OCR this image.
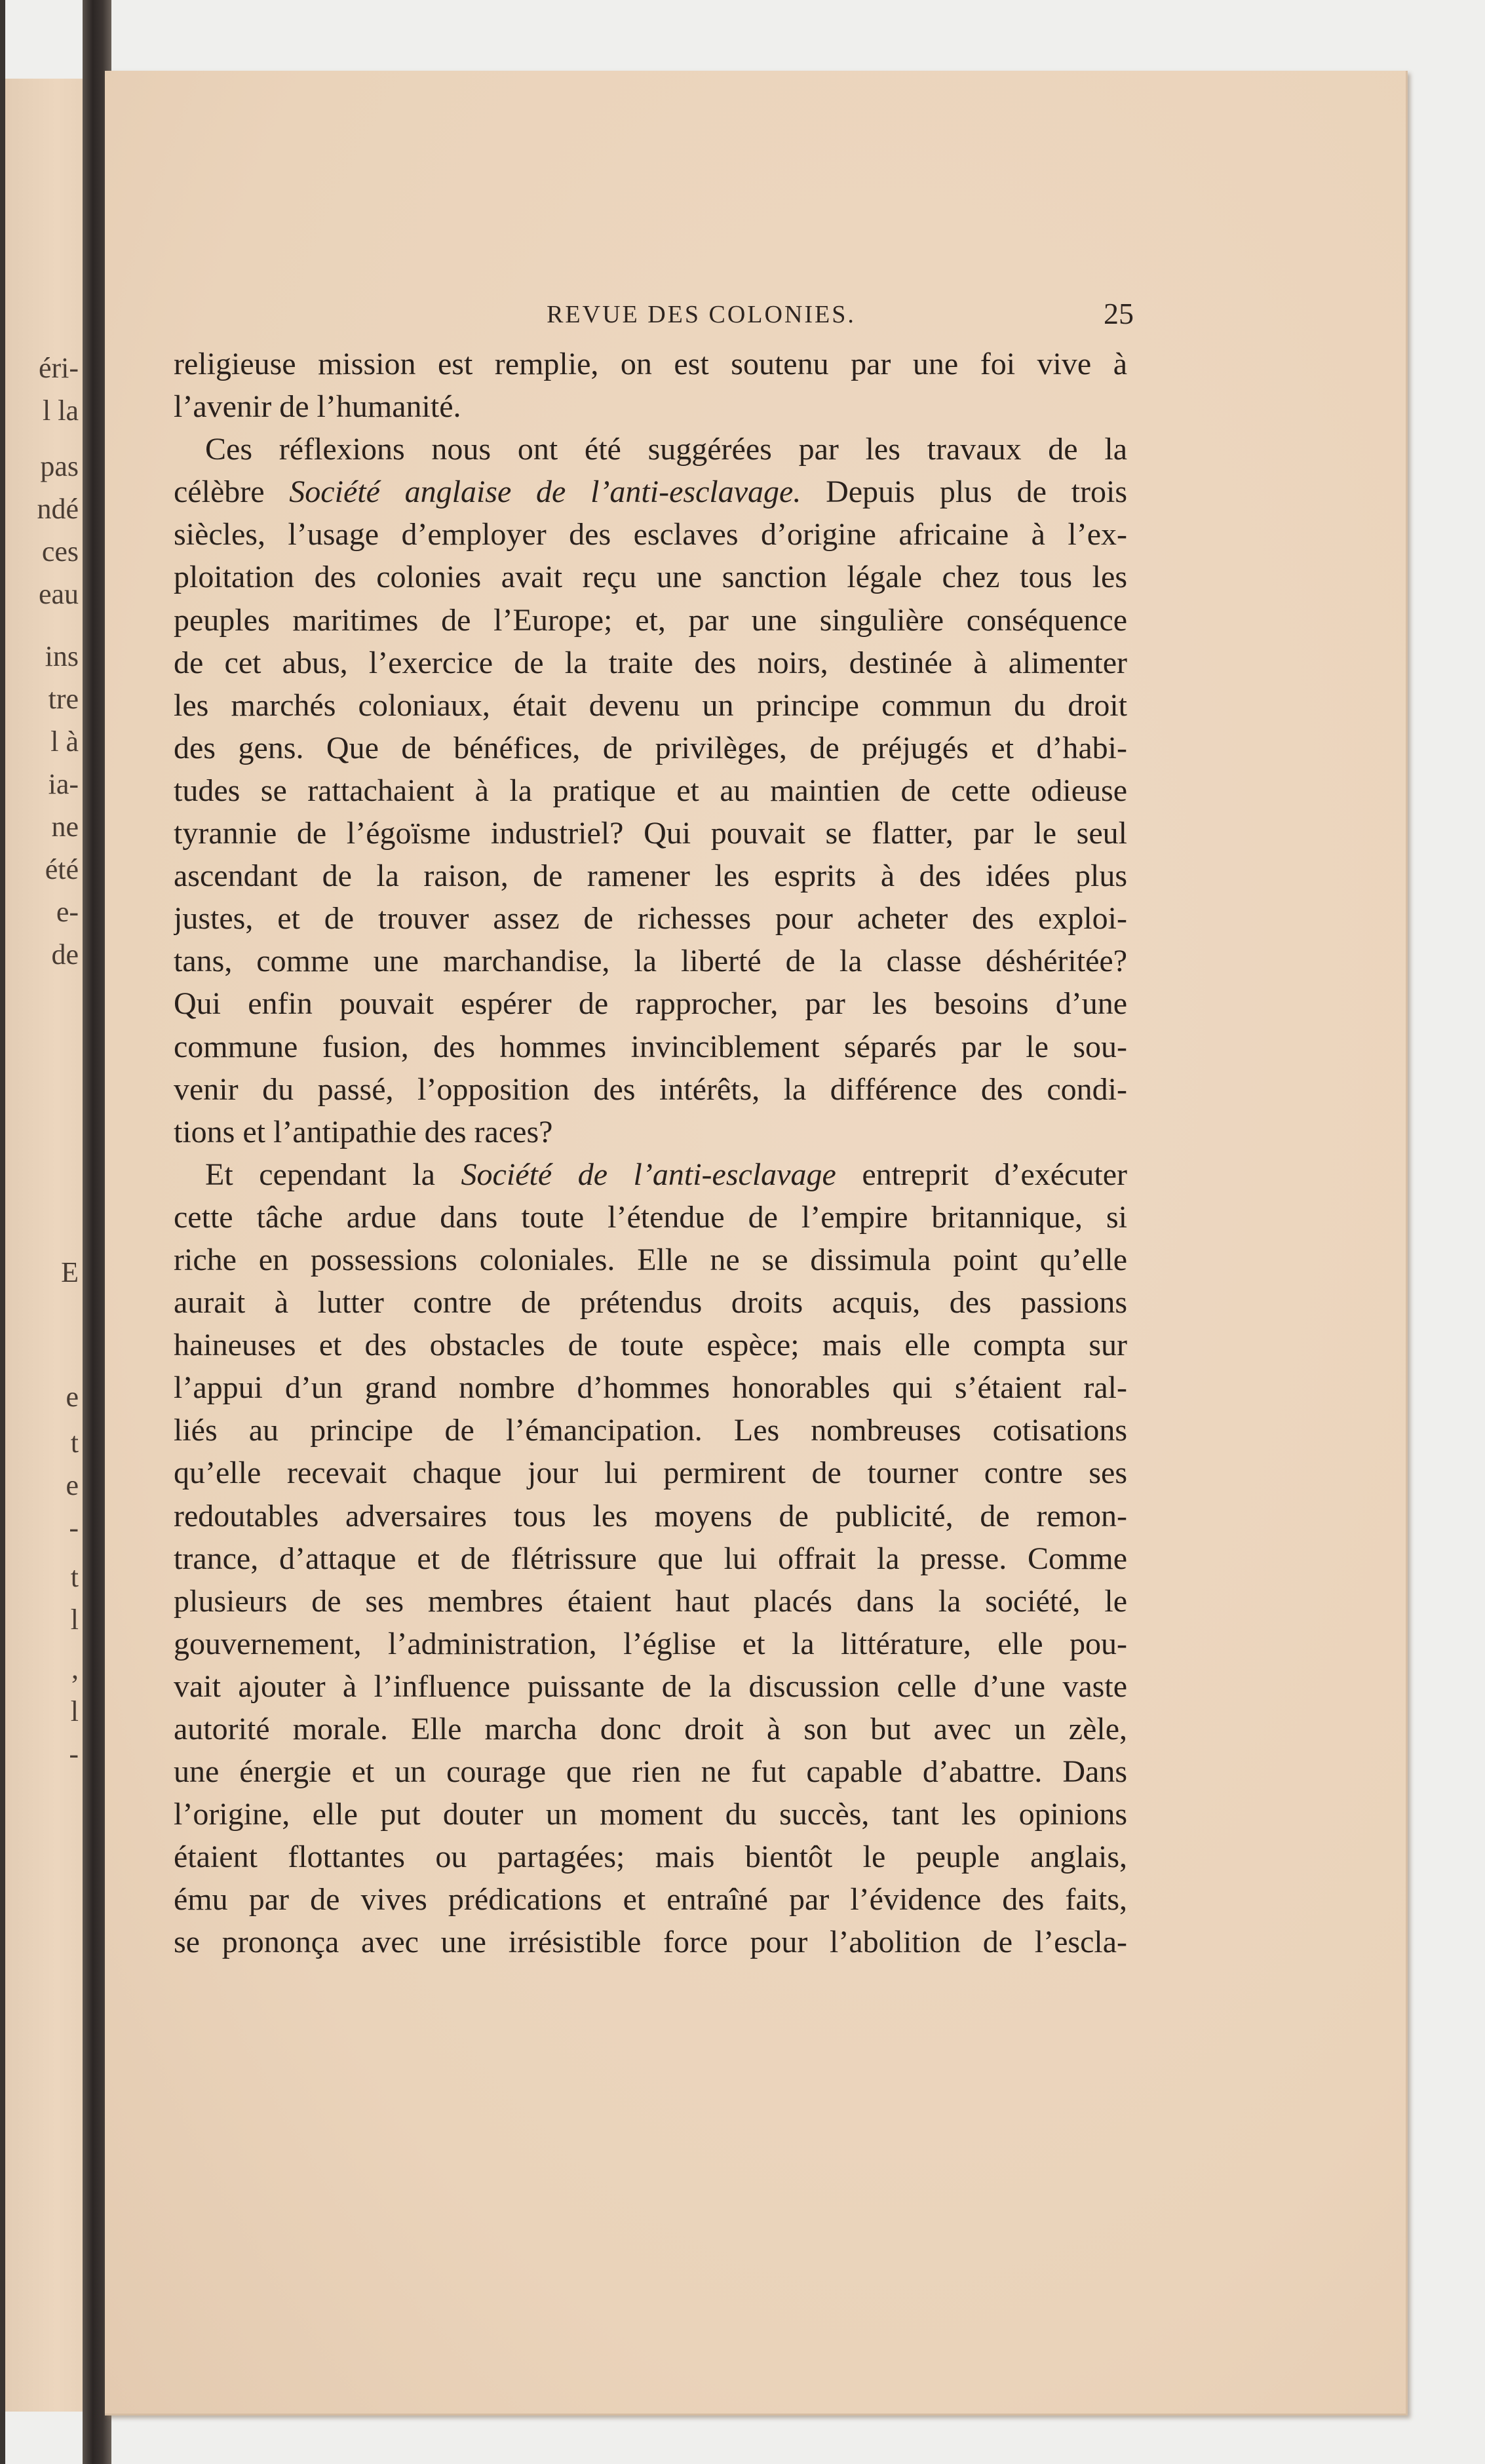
éri-
l la
pas
ndé
ces
eau
ins
tre
l à
ia-
ne
été
e-
de
E
e
t
e
-
t
l
,
l
-
REVUE DES COLONIES.	25
religieuse mission est remplie, on est soutenu par une foi vive à
l’avenir de l’humanité.
Ces réflexions nous ont été suggérées par les travaux de la
célèbre Société anglaise de l’anti-esclavage. Depuis plus de trois
siècles, l’usage d’employer des esclaves d’origine africaine à l’ex-
ploitation des colonies avait reçu une sanction légale chez tous les
peuples maritimes de l’Europe; et, par une singulière conséquence
de cet abus, l’exercice de la traite des noirs, destinée à alimenter
les marchés coloniaux, était devenu un principe commun du droit
des gens. Que de bénéfices, de privilèges, de préjugés et d’habi-
tudes se rattachaient à la pratique et au maintien de cette odieuse
tyrannie de l’égoïsme industriel? Qui pouvait se flatter, par le seul
ascendant de la raison, de ramener les esprits à des idées plus
justes, et de trouver assez de richesses pour acheter des exploi-
tans, comme une marchandise, la liberté de la classe déshéritée?
Qui enfin pouvait espérer de rapprocher, par les besoins d’une
commune fusion, des hommes invinciblement séparés par le sou-
venir du passé, l’opposition des intérêts, la différence des condi-
tions et l’antipathie des races?
Et cependant la Société de l’anti-esclavage entreprit d’exécuter
cette tâche ardue dans toute l’étendue de l’empire britannique, si
riche en possessions coloniales. Elle ne se dissimula point qu’elle
aurait à lutter contre de prétendus droits acquis, des passions
haineuses et des obstacles de toute espèce; mais elle compta sur
l’appui d’un grand nombre d’hommes honorables qui s’étaient ral-
liés au principe de l’émancipation. Les nombreuses cotisations
qu’elle recevait chaque jour lui permirent de tourner contre ses
redoutables adversaires tous les moyens de publicité, de remon-
trance, d’attaque et de flétrissure que lui offrait la presse. Comme
plusieurs de ses membres étaient haut placés dans la société, le
gouvernement, l’administration, l’église et la littérature, elle pou-
vait ajouter à l’influence puissante de la discussion celle d’une vaste
autorité morale. Elle marcha donc droit à son but avec un zèle,
une énergie et un courage que rien ne fut capable d’abattre. Dans
l’origine, elle put douter un moment du succès, tant les opinions
étaient flottantes ou partagées; mais bientôt le peuple anglais,
ému par de vives prédications et entraîné par l’évidence des faits,
se prononça avec une irrésistible force pour l’abolition de l’escla-
